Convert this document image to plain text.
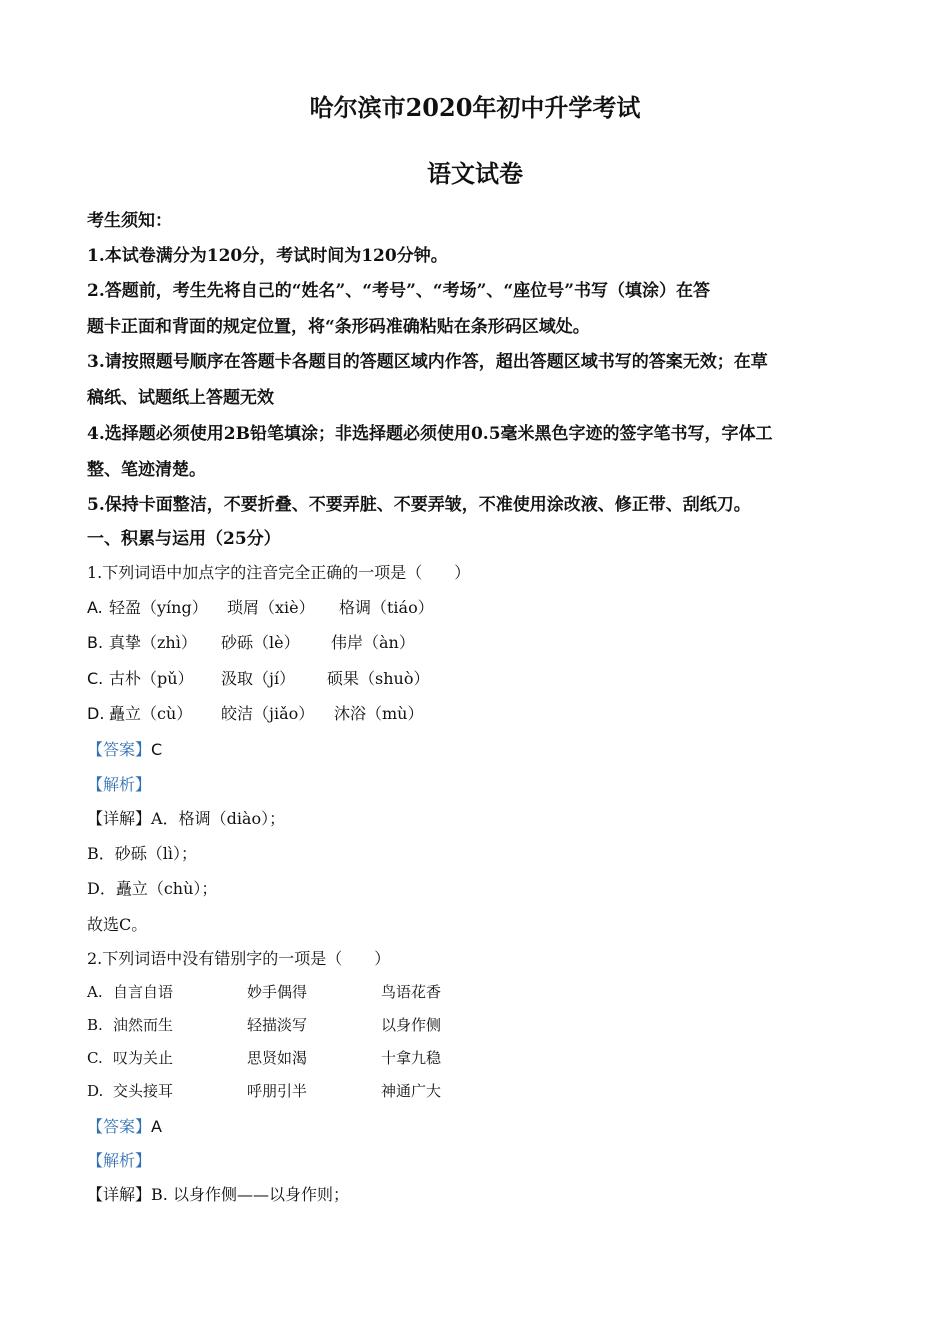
哈尔滨市2020年初中升学考试
语文试卷
考生须知：
1.本试卷满分为120分，考试时间为120分钟。
2.答题前，考生先将自己的“姓名”、“考号”、“考场”、“座位号”书写（填涂）在答
题卡正面和背面的规定位置，将“条形码准确粘贴在条形码区域处。
3.请按照题号顺序在答题卡各题目的答题区域内作答，超出答题区域书写的答案无效；在草
稿纸、试题纸上答题无效
4.选择题必须使用2B铅笔填涂；非选择题必须使用0.5毫米黑色字迹的签字笔书写，字体工
整、笔迹清楚。
5.保持卡面整洁，不要折叠、不要弄脏、不要弄皱，不准使用涂改液、修正带、刮纸刀。
一、积累与运用（25分）
1.下列词语中加点字的注音完全正确的一项是（　　）
A. 轻盈（yíng） 琐屑（xiè） 格调（tiáo）
B. 真挚（zhì） 砂砾（lè） 伟岸（àn）
C. 古朴（pǔ） 汲取（jí） 硕果（shuò）
D. 矗立（cù） 皎洁（jiǎo） 沐浴（mù）
【答案】C
【解析】
【详解】A．格调（diào）；
B．砂砾（lì）；
D．矗立（chù）；
故选C。
2.下列词语中没有错别字的一项是（　　）
A. 自言自语	妙手偶得	鸟语花香
B. 油然而生	轻描淡写	以身作侧
C. 叹为关止	思贤如渴	十拿九稳
D. 交头接耳	呼朋引半	神通广大
【答案】A
【解析】
【详解】B. 以身作侧——以身作则；
